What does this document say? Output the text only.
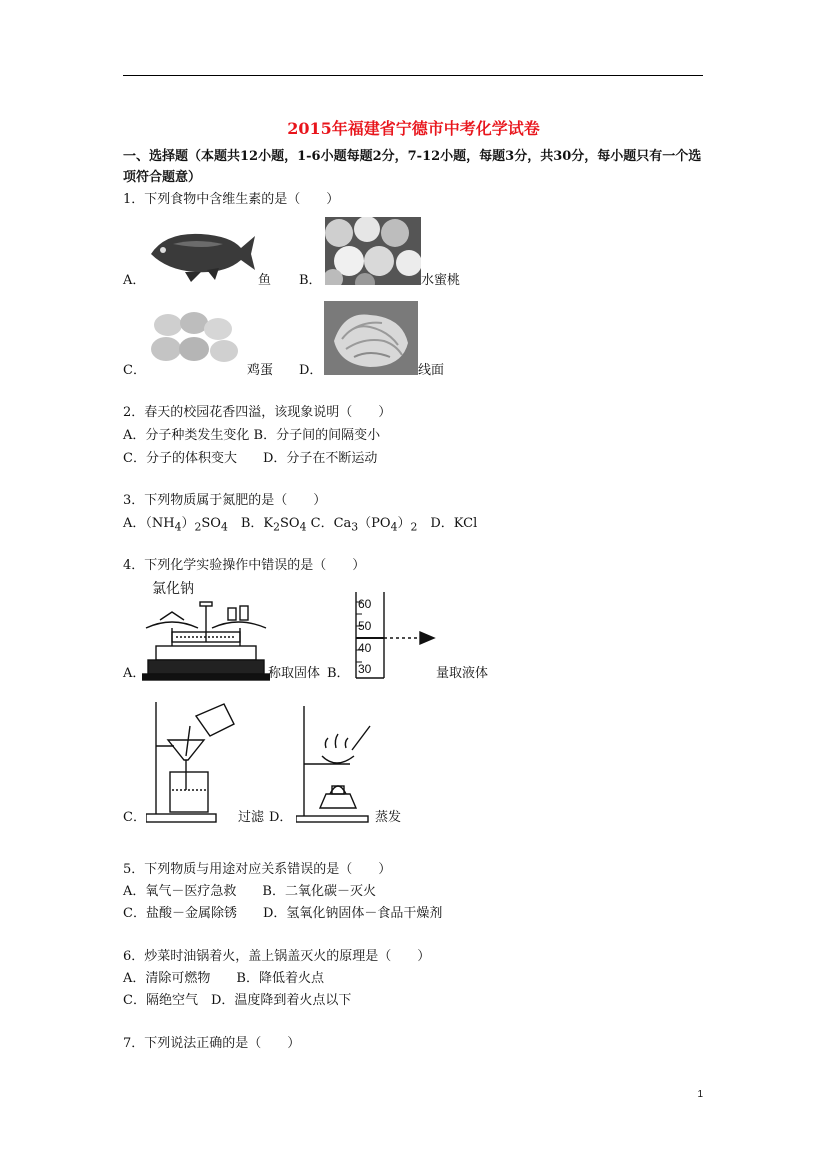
2015年福建省宁德市中考化学试卷
一、选择题（本题共12小题，1-6小题每题2分，7-12小题，每题3分，共30分，每小题只有一个选项符合题意）
1．下列食物中含维生素的是（　　）
A．	鱼 B．	水蜜桃
C．	鸡蛋 D．	线面
2．春天的校园花香四溢，该现象说明（　　）
A．分子种类发生变化 B．分子间的间隔变小
C．分子的体积变大　　D．分子在不断运动
3．下列物质属于氮肥的是（　　）
A．$(NH_4)_2SO_4$　B．$K_2SO_4$ C．$Ca_3(PO_4)_2$　D．KCl
4．下列化学实验操作中错误的是（　　）
氯化钠
A．	称取固体 B．
60
50
40
30	量取液体
C．	过滤 D．	蒸发
5．下列物质与用途对应关系错误的是（　　）
A．氧气－医疗急救　　B．二氧化碳－灭火
C．盐酸－金属除锈　　D．氢氧化钠固体－食品干燥剂
6．炒菜时油锅着火，盖上锅盖灭火的原理是（　　）
A．清除可燃物　　B．降低着火点
C．隔绝空气　D．温度降到着火点以下
7．下列说法正确的是（　　）
1
